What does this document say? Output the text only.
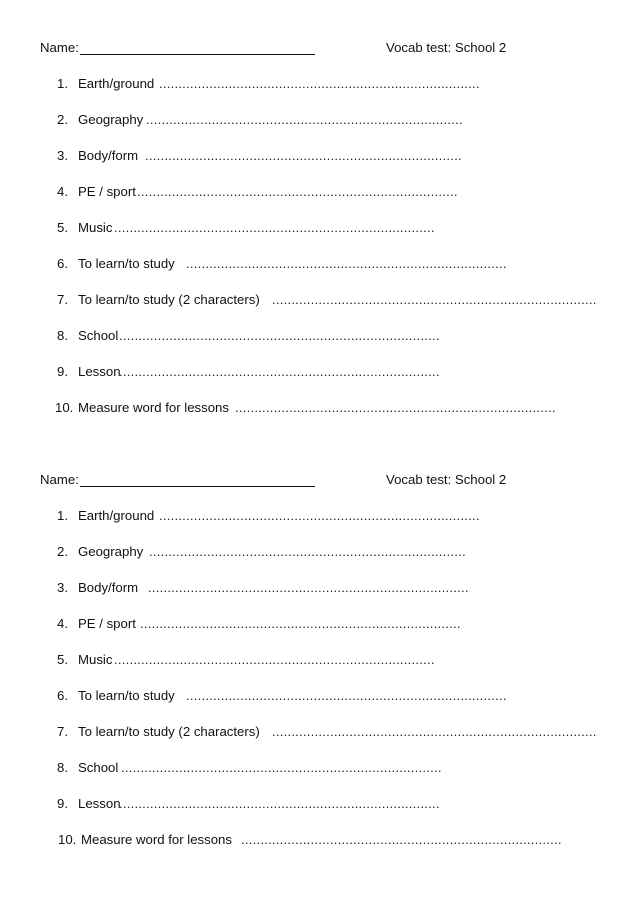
Name:	Vocab test: School 2
1. Earth/ground ...................................................................................
2. Geography ..................................................................................
3. Body/form ..................................................................................
4. PE / sport ...................................................................................
5. Music ...................................................................................
6. To learn/to study ...................................................................................
7. To learn/to study (2 characters) ....................................................................................
8. School ...................................................................................
9. Lesson
...................................................................................
10. Measure word for lessons ...................................................................................
Name:	Vocab test: School 2
1. Earth/ground ...................................................................................
2. Geography ..................................................................................
3. Body/form ...................................................................................
4. PE / sport ...................................................................................
5. Music ...................................................................................
6. To learn/to study ...................................................................................
7. To learn/to study (2 characters) ....................................................................................
8. School ...................................................................................
9. Lesson
...................................................................................
10. Measure word for lessons ...................................................................................
